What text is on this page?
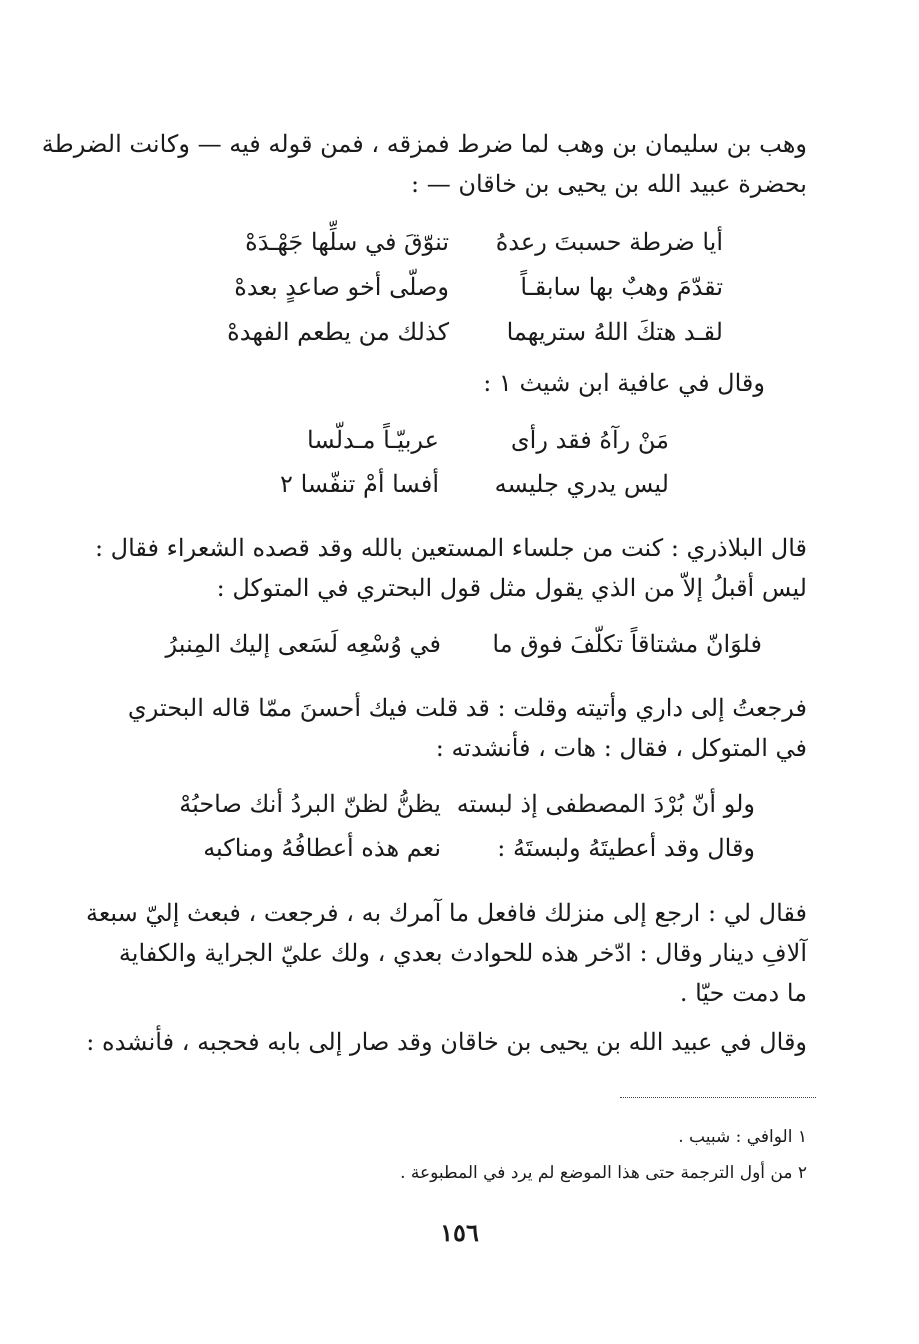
وهب بن سليمان بن وهب لما ضرط فمزقه ، فمن قوله فيه — وكانت الضرطة
بحضرة عبيد الله بن يحيى بن خاقان — :
أيا ضرطة حسبتَ رعدهُ
تنوّقَ في سلِّها جَهْـدَهْ
تقدّمَ وهبٌ بها سابقـاً
وصلّى أخو صاعدٍ بعدهْ
لقـد هتكَ اللهُ ستريهما
كذلك من يطعم الفهدهْ
وقال في عافية ابن شيث ١ :
مَنْ رآهُ فقد رأى
عربيّـاً مـدلّسا
ليس يدري جليسه
أفسا أمْ تنفّسا ٢
قال البلاذري : كنت من جلساء المستعين بالله وقد قصده الشعراء فقال :
ليس أقبلُ إلاّ من الذي يقول مثل قول البحتري في المتوكل :
فلوَانّ مشتاقاً تكلّفَ فوق ما
في وُسْعِه لَسَعى إليك المِنبرُ
فرجعتُ إلى داري وأتيته وقلت : قد قلت فيك أحسنَ ممّا قاله البحتري
في المتوكل ، فقال : هات ، فأنشدته :
ولو أنّ بُرْدَ المصطفى إذ لبسته
يظنُّ لظنّ البردُ أنك صاحبُهْ
وقال وقد أعطيتَهُ ولبستَهُ :
نعم هذه أعطافُهُ ومناكبه
فقال لي : ارجع إلى منزلك فافعل ما آمرك به ، فرجعت ، فبعث إليّ سبعة
آلافِ دينار وقال : ادّخر هذه للحوادث بعدي ، ولك عليّ الجراية والكفاية
ما دمت حيّا .
وقال في عبيد الله بن يحيى بن خاقان وقد صار إلى بابه فحجبه ، فأنشده :
١ الوافي : شبيب .
٢ من أول الترجمة حتى هذا الموضع لم يرد في المطبوعة .
١٥٦
